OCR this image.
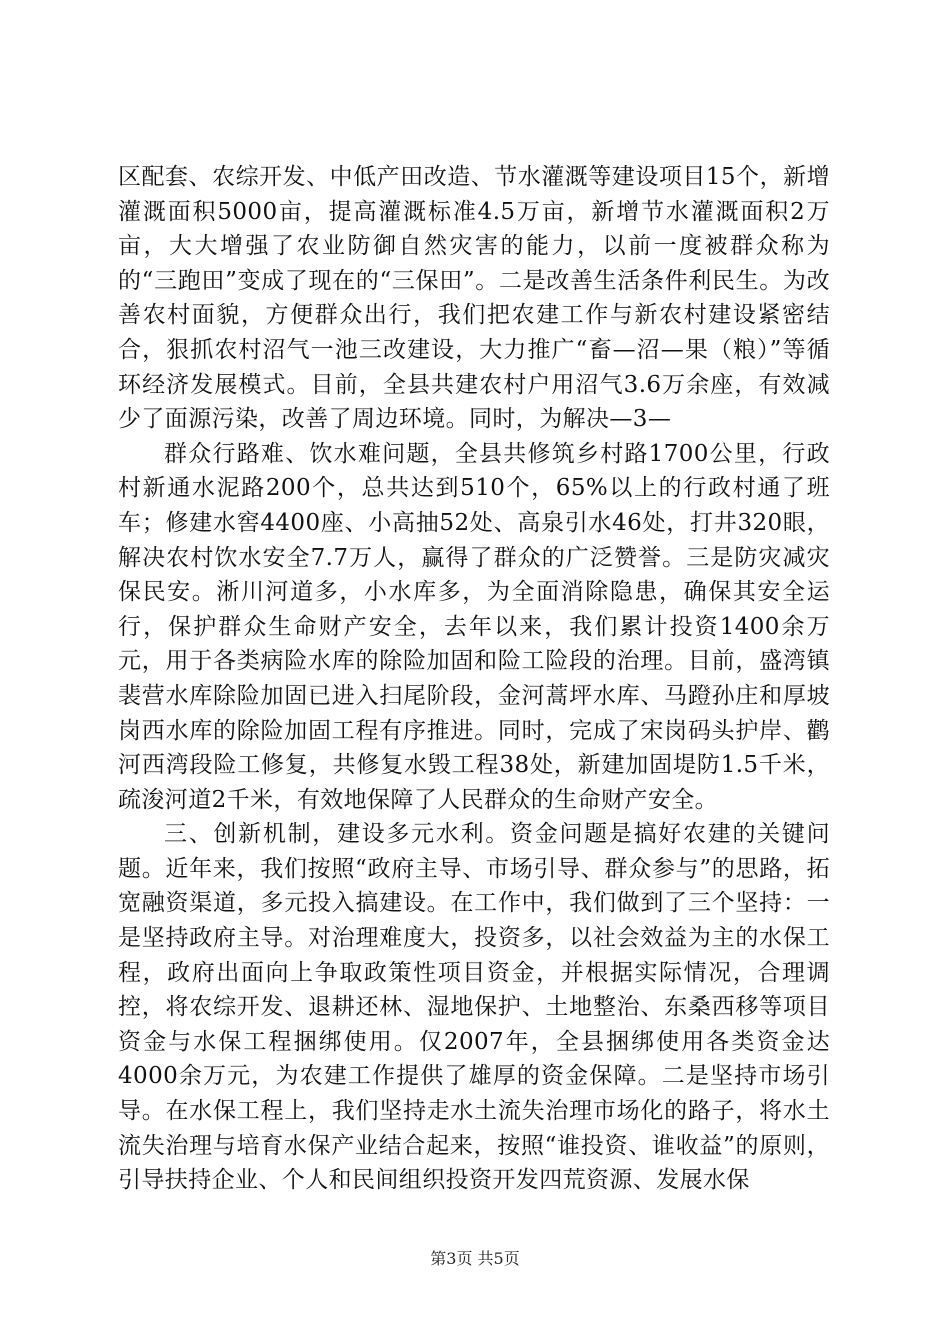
区配套、农综开发、中低产田改造、节水灌溉等建设项目15个，新增灌溉面积5000亩，提高灌溉标准4.5万亩，新增节水灌溉面积2万亩，大大增强了农业防御自然灾害的能力，以前一度被群众称为的“三跑田”变成了现在的“三保田”。二是改善生活条件利民生。为改善农村面貌，方便群众出行，我们把农建工作与新农村建设紧密结合，狠抓农村沼气一池三改建设，大力推广“畜—沼—果（粮）”等循环经济发展模式。目前，全县共建农村户用沼气3.6万余座，有效减少了面源污染，改善了周边环境。同时，为解决—3—

群众行路难、饮水难问题，全县共修筑乡村路1700公里，行政村新通水泥路200个，总共达到510个，65%以上的行政村通了班车；修建水窖4400座、小高抽52处、高泉引水46处，打井320眼，解决农村饮水安全7.7万人，赢得了群众的广泛赞誉。三是防灾减灾保民安。淅川河道多，小水库多，为全面消除隐患，确保其安全运行，保护群众生命财产安全，去年以来，我们累计投资1400余万元，用于各类病险水库的除险加固和险工险段的治理。目前，盛湾镇裴营水库除险加固已进入扫尾阶段，金河蒿坪水库、马蹬孙庄和厚坡岗西水库的除险加固工程有序推进。同时，完成了宋岗码头护岸、鹳河西湾段险工修复，共修复水毁工程38处，新建加固堤防1.5千米，疏浚河道2千米，有效地保障了人民群众的生命财产安全。

三、创新机制，建设多元水利。资金问题是搞好农建的关键问题。近年来，我们按照“政府主导、市场引导、群众参与”的思路，拓宽融资渠道，多元投入搞建设。在工作中，我们做到了三个坚持：一是坚持政府主导。对治理难度大，投资多，以社会效益为主的水保工程，政府出面向上争取政策性项目资金，并根据实际情况，合理调控，将农综开发、退耕还林、湿地保护、土地整治、东桑西移等项目资金与水保工程捆绑使用。仅2007年，全县捆绑使用各类资金达4000余万元，为农建工作提供了雄厚的资金保障。二是坚持市场引导。在水保工程上，我们坚持走水土流失治理市场化的路子，将水土流失治理与培育水保产业结合起来，按照“谁投资、谁收益”的原则，引导扶持企业、个人和民间组织投资开发四荒资源、发展水保

第3页 共5页
